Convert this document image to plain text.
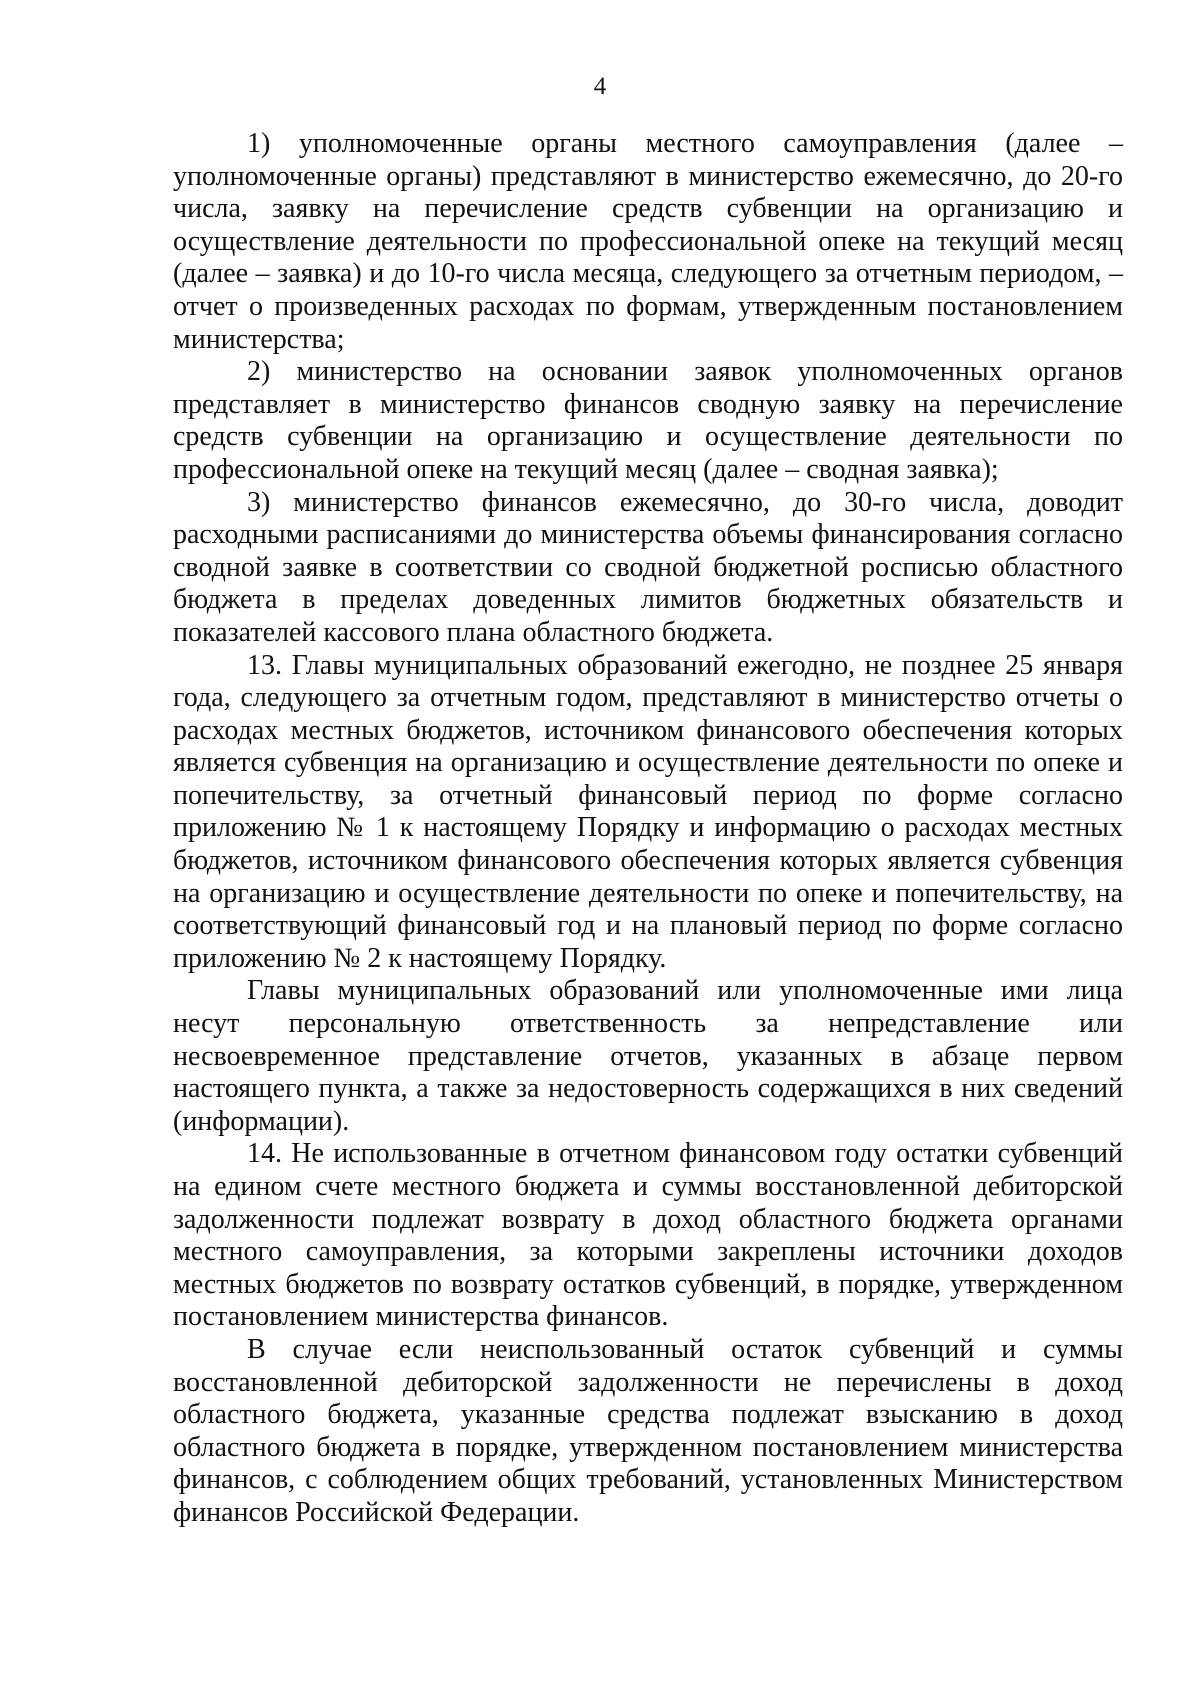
4

1) уполномоченные органы местного самоуправления (далее – уполномоченные органы) представляют в министерство ежемесячно, до 20-го числа, заявку на перечисление средств субвенции на организацию и осуществление деятельности по профессиональной опеке на текущий месяц (далее – заявка) и до 10-го числа месяца, следующего за отчетным периодом, – отчет о произведенных расходах по формам, утвержденным постановлением министерства;

2) министерство на основании заявок уполномоченных органов представляет в министерство финансов сводную заявку на перечисление средств субвенции на организацию и осуществление деятельности по профессиональной опеке на текущий месяц (далее – сводная заявка);

3) министерство финансов ежемесячно, до 30-го числа, доводит расходными расписаниями до министерства объемы финансирования согласно сводной заявке в соответствии со сводной бюджетной росписью областного бюджета в пределах доведенных лимитов бюджетных обязательств и показателей кассового плана областного бюджета.

13. Главы муниципальных образований ежегодно, не позднее 25 января года, следующего за отчетным годом, представляют в министерство отчеты о расходах местных бюджетов, источником финансового обеспечения которых является субвенция на организацию и осуществление деятельности по опеке и попечительству, за отчетный финансовый период по форме согласно приложению № 1 к настоящему Порядку и информацию о расходах местных бюджетов, источником финансового обеспечения которых является субвенция на организацию и осуществление деятельности по опеке и попечительству, на соответствующий финансовый год и на плановый период по форме согласно приложению № 2 к настоящему Порядку.

Главы муниципальных образований или уполномоченные ими лица несут персональную ответственность за непредставление или несвоевременное представление отчетов, указанных в абзаце первом настоящего пункта, а также за недостоверность содержащихся в них сведений (информации).

14. Не использованные в отчетном финансовом году остатки субвенций на едином счете местного бюджета и суммы восстановленной дебиторской задолженности подлежат возврату в доход областного бюджета органами местного самоуправления, за которыми закреплены источники доходов местных бюджетов по возврату остатков субвенций, в порядке, утвержденном постановлением министерства финансов.

В случае если неиспользованный остаток субвенций и суммы восстановленной дебиторской задолженности не перечислены в доход областного бюджета, указанные средства подлежат взысканию в доход областного бюджета в порядке, утвержденном постановлением министерства финансов, с соблюдением общих требований, установленных Министерством финансов Российской Федерации.
